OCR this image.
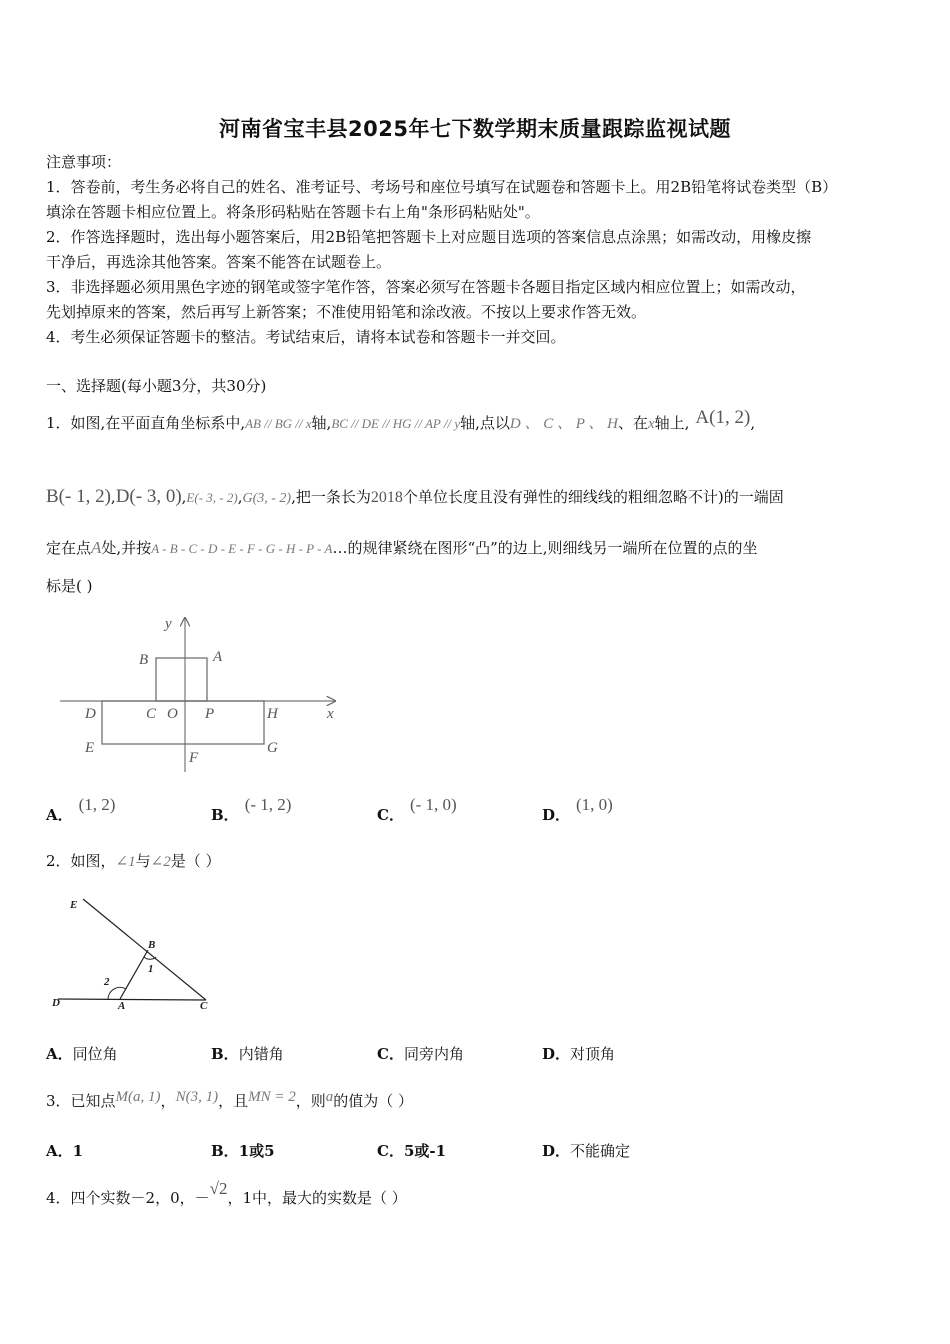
河南省宝丰县2025年七下数学期末质量跟踪监视试题
注意事项：
1．答卷前，考生务必将自己的姓名、准考证号、考场号和座位号填写在试题卷和答题卡上。用2B铅笔将试卷类型（B）
填涂在答题卡相应位置上。将条形码粘贴在答题卡右上角"条形码粘贴处"。
2．作答选择题时，选出每小题答案后，用2B铅笔把答题卡上对应题目选项的答案信息点涂黑；如需改动，用橡皮擦
干净后，再选涂其他答案。答案不能答在试题卷上。
3．非选择题必须用黑色字迹的钢笔或签字笔作答，答案必须写在答题卡各题目指定区域内相应位置上；如需改动，
先划掉原来的答案，然后再写上新答案；不准使用铅笔和涂改液。不按以上要求作答无效。
4．考生必须保证答题卡的整洁。考试结束后，请将本试卷和答题卡一并交回。
一、选择题(每小题3分，共30分)
1．如图,在平面直角坐标系中,AB // BG // x轴,BC // DE // HG // AP // y轴,点以D 、 C 、 P 、 H、在x轴上, A(1, 2),
B(- 1, 2),D(- 3, 0),E(- 3, - 2),G(3, - 2),把一条长为2018个单位长度且没有弹性的细线线的粗细忽略不计)的一端固
定在点A处,并按A - B - C - D - E - F - G - H - P - A…的规律紧绕在图形“凸”的边上,则细线另一端所在位置的点的坐
标是( )
y
x
B	A
D	C O P	H
E
F
G
A．(1, 2)
B．(- 1, 2)
C．(- 1, 0)
D．(1, 0)
2．如图，∠1与∠2是（ ）
E
B
1
2
D	A	C
A．同位角	B．内错角	C．同旁内角	D．对顶角
3．已知点M(a, 1)，N(3, 1)，且MN = 2，则a的值为（ ）
A．1	B．1或5	C．5或-1	D．不能确定
4．四个实数－2，0，－√2，1中，最大的实数是（ ）
